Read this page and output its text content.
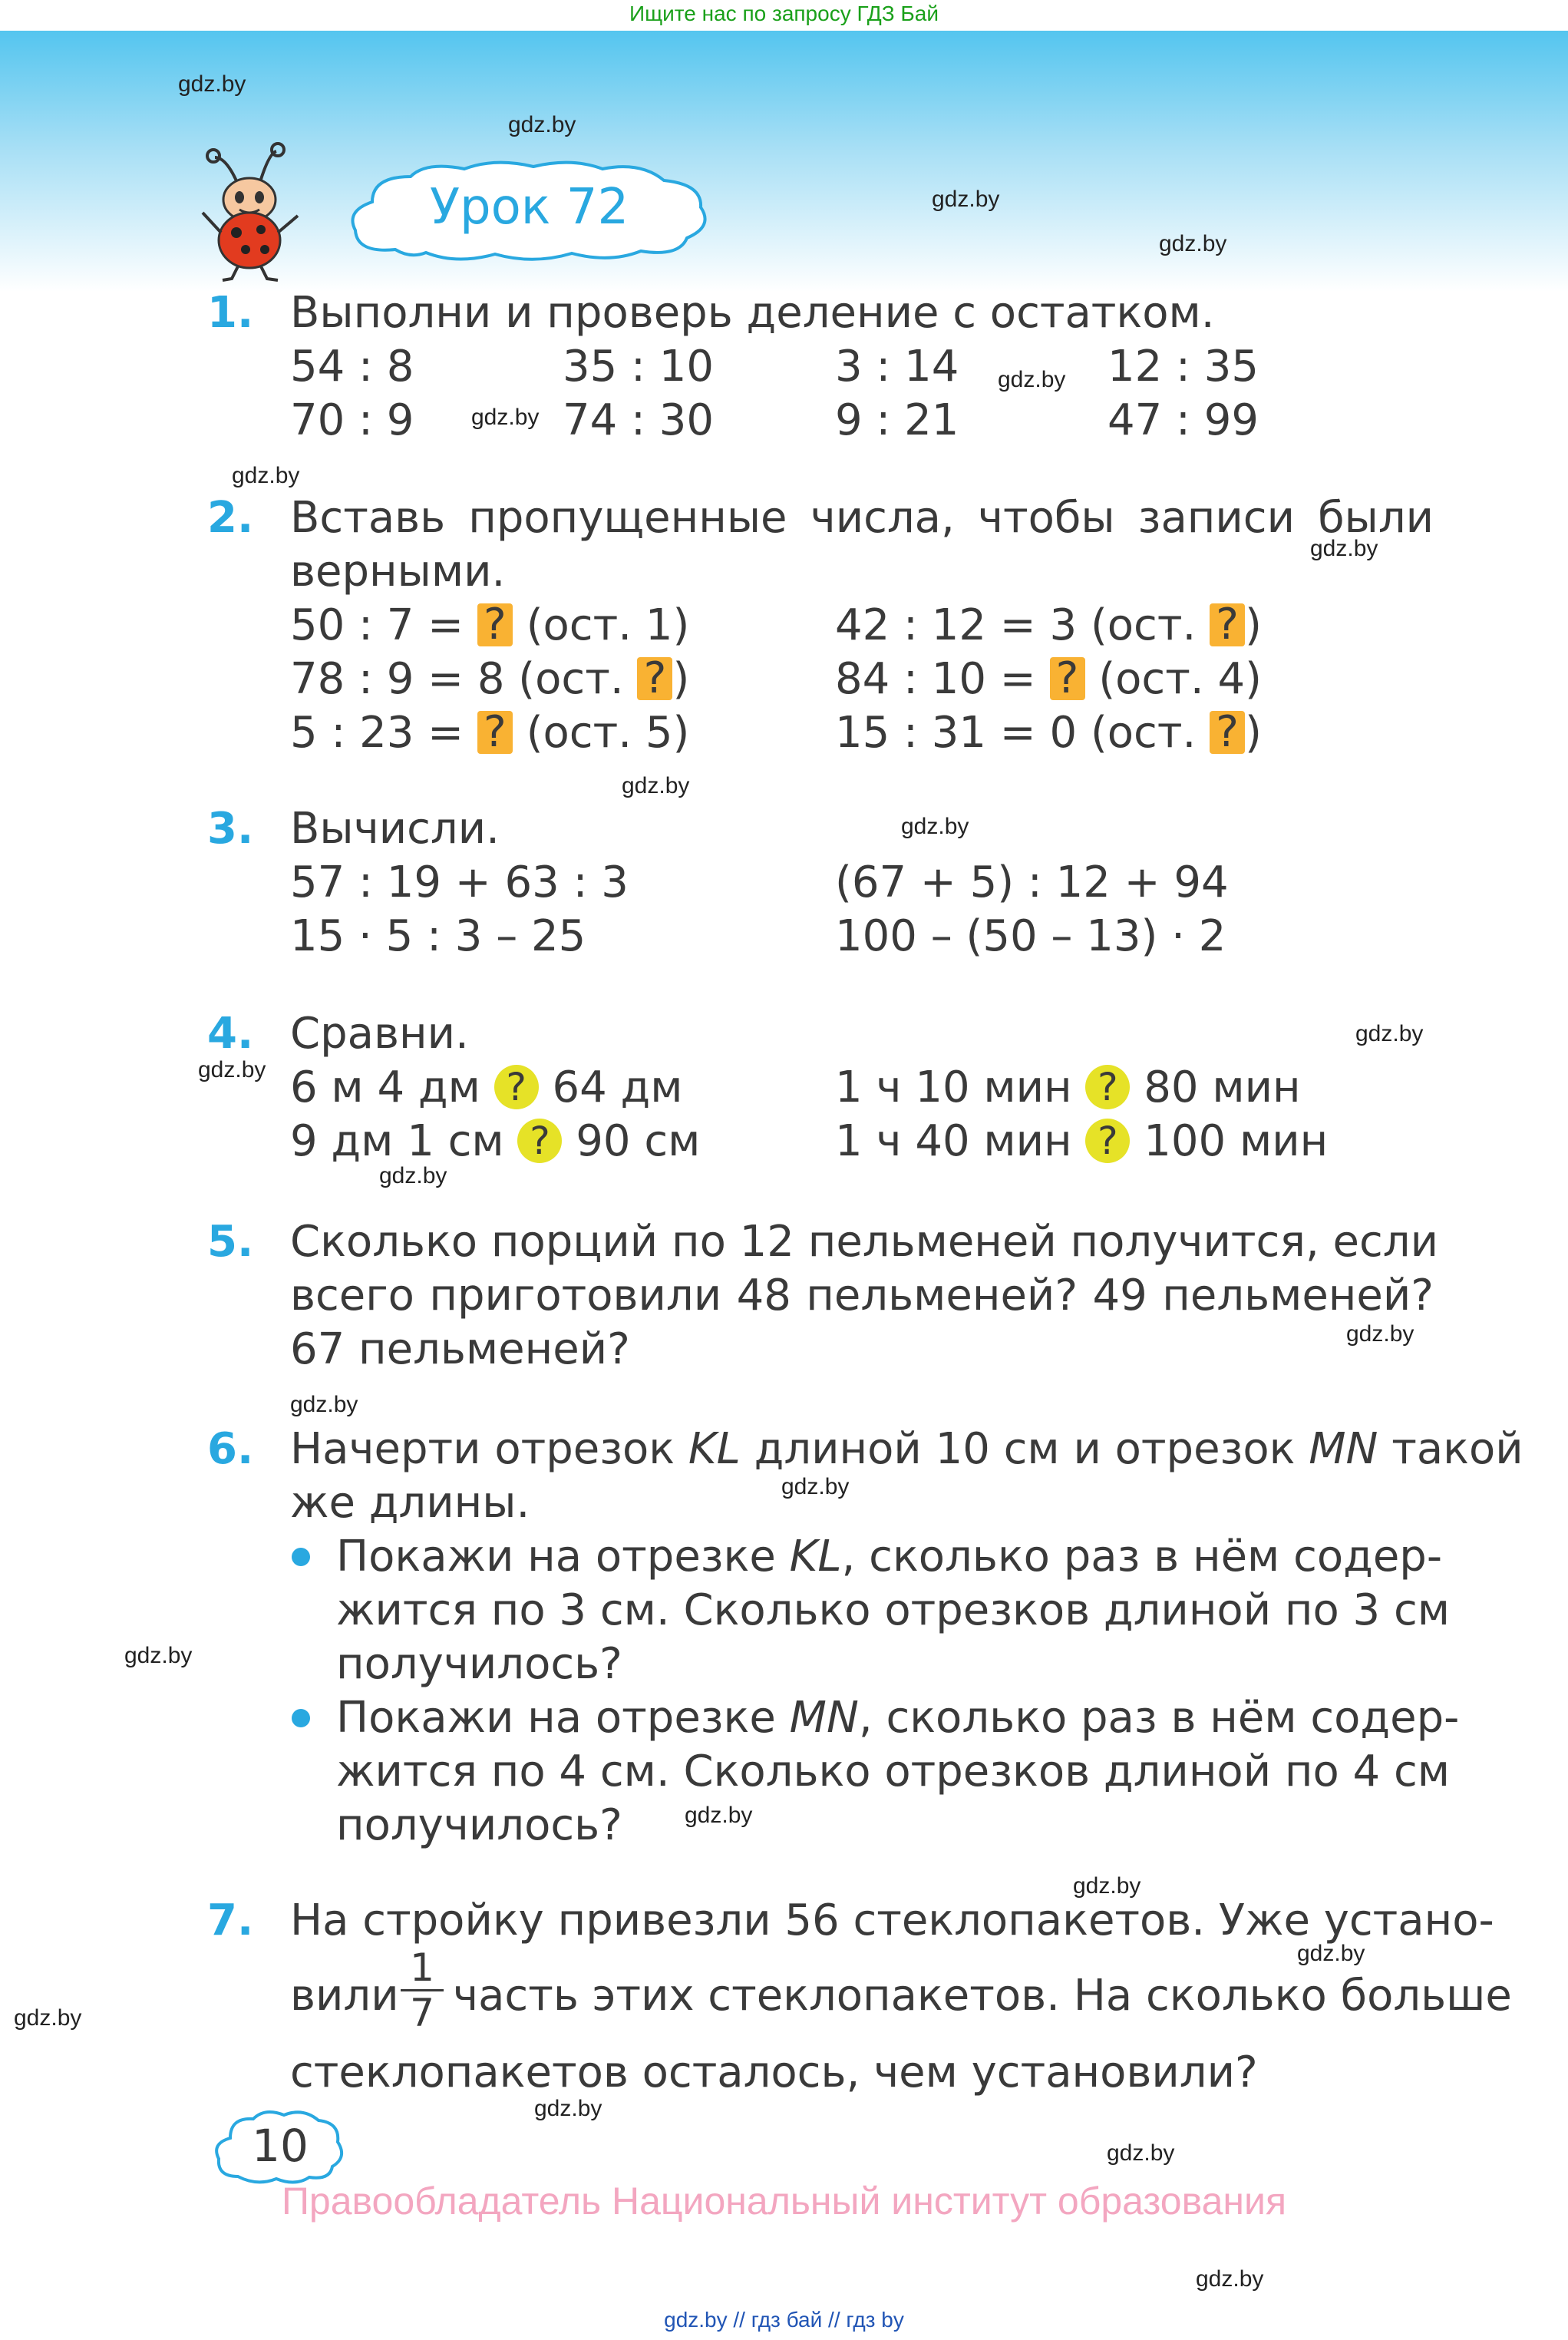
Ищите нас по запросу ГДЗ Бай
Урок 72
gdz.by
gdz.by
gdz.by
gdz.by
gdz.by
gdz.by
gdz.by
gdz.by
gdz.by
gdz.by
gdz.by
gdz.by
gdz.by
gdz.by
gdz.by
gdz.by
gdz.by
gdz.by
gdz.by
gdz.by
gdz.by
gdz.by
gdz.by
gdz.by
1. Выполни и проверь деление с остатком.
54 : 8	35 : 10	3 : 14	12 : 35
70 : 9	74 : 30	9 : 21	47 : 99
2. Вставь пропущенные числа, чтобы записи были
верными.
50 : 7 = ? (ост. 1)	42 : 12 = 3 (ост. ? )
78 : 9 = 8 (ост. ? )	84 : 10 = ? (ост. 4)
5 : 23 = ? (ост. 5)	15 : 31 = 0 (ост. ? )
3. Вычисли.
57 : 19 + 63 : 3	(67 + 5) : 12 + 94
15 · 5 : 3 – 25	100 – (50 – 13) · 2
4. Сравни.
6 м 4 дм ? 64 дм	1 ч 10 мин ? 80 мин
9 дм 1 см ? 90 см	1 ч 40 мин ? 100 мин
5. Сколько порций по 12 пельменей получится, если
всего приготовили 48 пельменей? 49 пельменей?
67 пельменей?
6. Начерти отрезок KL длиной 10 см и отрезок MN такой
же длины.
Покажи на отрезке KL, сколько раз в нём содер-
жится по 3 см. Сколько отрезков длиной по 3 см
получилось?
Покажи на отрезке MN, сколько раз в нём содер-
жится по 4 см. Сколько отрезков длиной по 4 см
получилось?
7. На стройку привезли 56 стеклопакетов. Уже устано-
вили
1
7 часть этих стеклопакетов. На сколько больше
стеклопакетов осталось, чем установили?
10
Правообладатель Национальный институт образования
gdz.by // гдз бай // гдз by
